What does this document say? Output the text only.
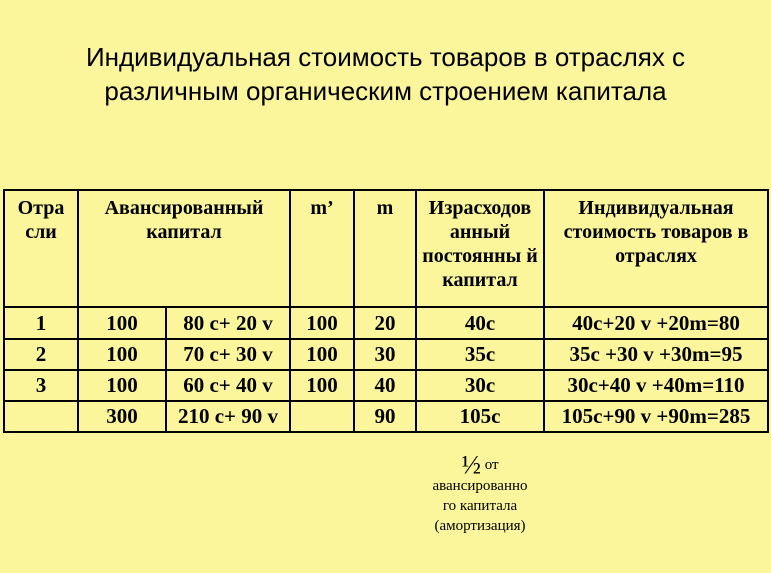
Индивидуальная стоимость товаров в отраслях с
различным органическим строением капитала
Отра сли	Авансированный капитал		m’	m	Израсходов анный постоянны й капитал	Индивидуальная стоимость товаров в отраслях
1	100	80 с+ 20 v	100	20	40с	40с+20 v +20m=80
2	100	70 с+ 30 v	100	30	35с	35с +30 v +30m=95
3	100	60 с+ 40 v	100	40	30с	30с+40 v +40m=110
	300	210 с+ 90 v		90	105с	105с+90 v +90m=285
½ от
авансированно
го капитала
(амортизация)
